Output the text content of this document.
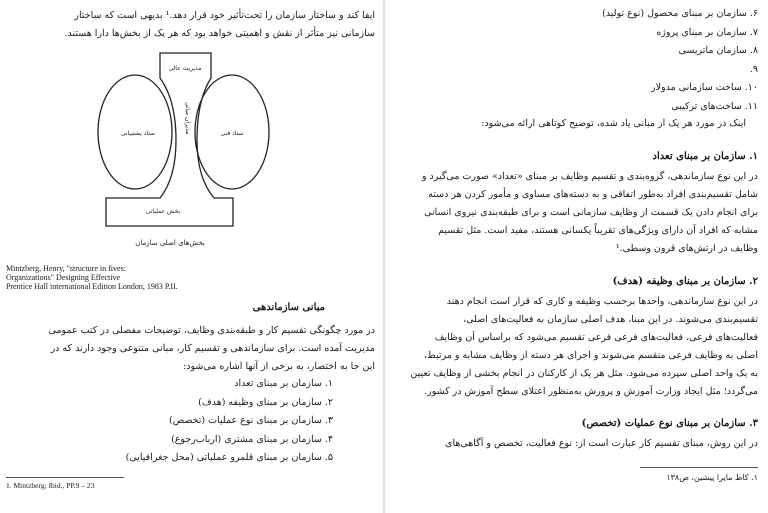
ایفا کند و ساختار سازمان را تحت‌تأثیر خود قرار دهد.¹ بدیهی است که ساختار
سازمانی نیز متأثر از نقش و اهمیتی خواهد بود که هر یک از بخش‌ها دارا هستند.
مدیریت عالی
مدیران میانی
ستاد پشتیبانی	ستاد فنی
بخش عملیاتی
بخش‌های اصلی سازمان
Mintzberg, Henry, "structure in fives:
Organizations" Designing Effective
Prentice Hall international Edition London, 1983 P.II.
مبانی سازماندهی
در مورد چگونگی تقسیم کار و طبقه‌بندی وظایف، توضیحات مفصلی در کتب عمومی
مدیریت آمده است. برای سازماندهی و تقسیم کار، مبانی متنوعی وجود دارند که در
این جا به اختصار، به برخی از آنها اشاره می‌شود:
۱. سازمان بر مبنای تعداد
۲. سازمان بر مبنای وظیفه (هدف)
۳. سازمان بر مبنای نوع عملیات (تخصص)
۴. سازمان بر مبنای مشتری (ارباب‌رجوع)
۵. سازمان بر مبنای قلمرو عملیاتی (محل جغرافیایی)
1. Mintzberg; Ibid., PP.9 – 23
۶. سازمان بر مبنای محصول (نوع تولید)
۷. سازمان بر مبنای پروژه
۸. سازمان ماتریسی
۹.
۱۰. ساخت سازمانی مدولار
۱۱. ساخت‌های ترکیبی
اینک در مورد هر یک از مبانی یاد شده، توضیح کوتاهی ارائه می‌شود:
۱. سازمان بر مبنای تعداد
در این نوع سازماندهی، گروه‌بندی و تقسیم وظایف بر مبنای «تعداد» صورت می‌گیرد و
شامل تقسیم‌بندی افراد به‌طور اتفاقی و به دسته‌های مساوی و مأمور کردن هر دسته
برای انجام دادن یک قسمت از وظایف سازمانی است و برای طبقه‌بندی نیروی انسانی
مشابه که افراد آن دارای ویژگی‌های تقریباً یکسانی هستند، مفید است. مثل تقسیم
وظایف در ارتش‌های قرون وسطی.¹
۲. سازمان بر مبنای وظیفه (هدف)
در این نوع سازماندهی، واحدها برحسب وظیفه و کاری که قرار است انجام دهند
تقسیم‌بندی می‌شوند. در این مبنا، هدف اصلی سازمان به فعالیت‌های اصلی،
فعالیت‌های فرعی، فعالیت‌های فرعی فرعی تقسیم می‌شود که براساس آن وظایف
اصلی به وظایف فرعی منقسم می‌شوند و اجرای هر دسته از وظایف مشابه و مرتبط،
به یک واحد اصلی سپرده می‌شود. مثل هر یک از کارکنان در انجام بخشی از وظایف تعیین
می‌گردد؛ مثل ایجاد وزارت آموزش و پرورش به‌منظور اعتلای سطح آموزش در کشور.
۳. سازمان بر مبنای نوع عملیات (تخصص)
در این روش، مبنای تقسیم کار عبارت است از: نوع فعالیت، تخصص و آگاهی‌های
۱. کاظ مایرا پیشین، ص۱۳۸
